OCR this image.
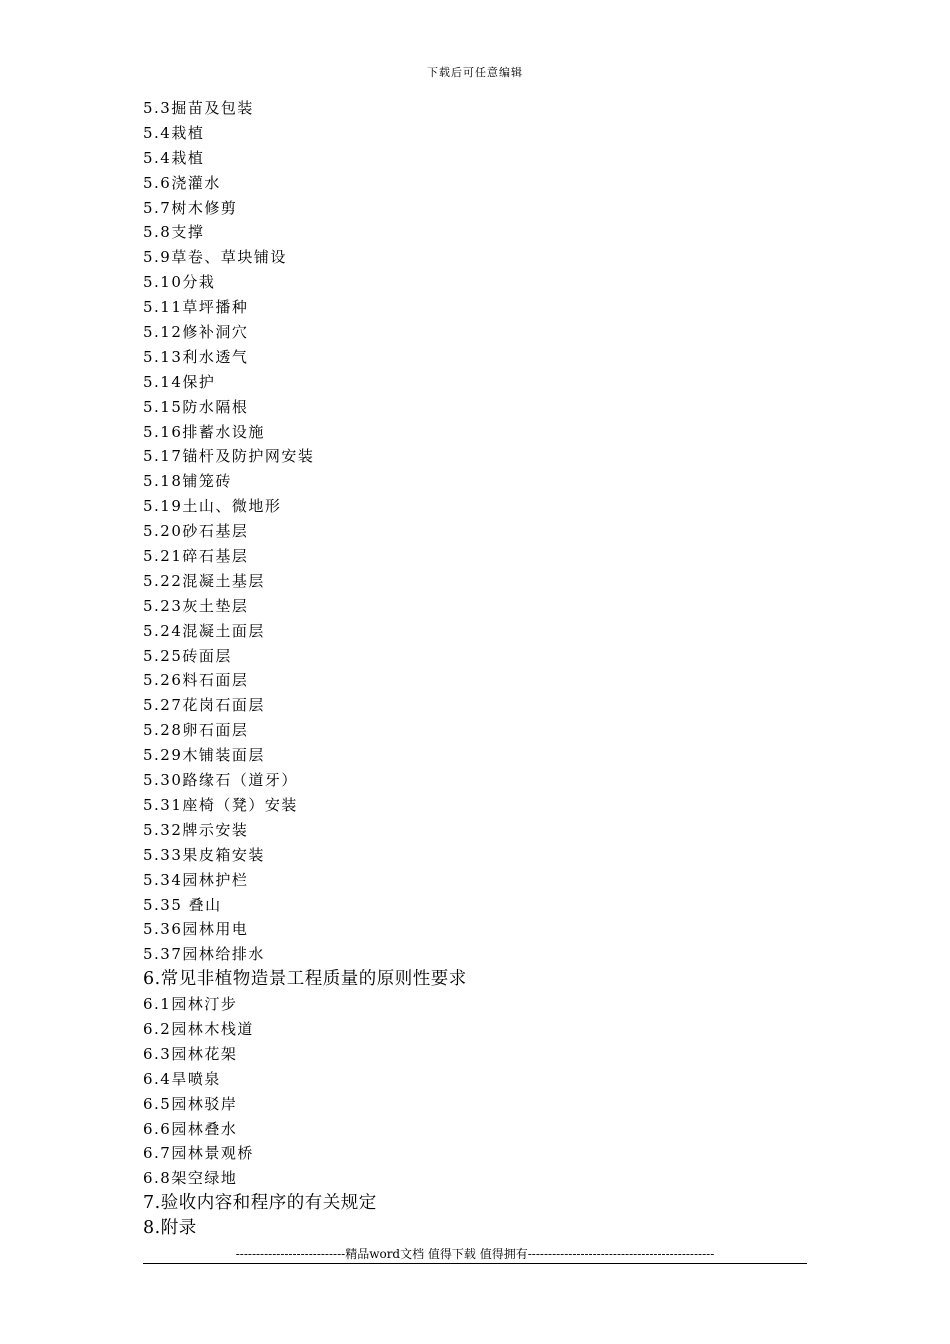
下载后可任意编辑
5.3掘苗及包装
5.4栽植
5.4栽植
5.6浇灌水
5.7树木修剪
5.8支撑
5.9草卷、草块铺设
5.10分栽
5.11草坪播种
5.12修补洞穴
5.13利水透气
5.14保护
5.15防水隔根
5.16排蓄水设施
5.17锚杆及防护网安装
5.18铺笼砖
5.19土山、微地形
5.20砂石基层
5.21碎石基层
5.22混凝土基层
5.23灰土垫层
5.24混凝土面层
5.25砖面层
5.26料石面层
5.27花岗石面层
5.28卵石面层
5.29木铺装面层
5.30路缘石（道牙）
5.31座椅（凳）安装
5.32牌示安装
5.33果皮箱安装
5.34园林护栏
5.35 叠山
5.36园林用电
5.37园林给排水
6.常见非植物造景工程质量的原则性要求
6.1园林汀步
6.2园林木栈道
6.3园林花架
6.4旱喷泉
6.5园林驳岸
6.6园林叠水
6.7园林景观桥
6.8架空绿地
7.验收内容和程序的有关规定
8.附录
---------------------------精品word文档 值得下载 值得拥有----------------------------------------------
